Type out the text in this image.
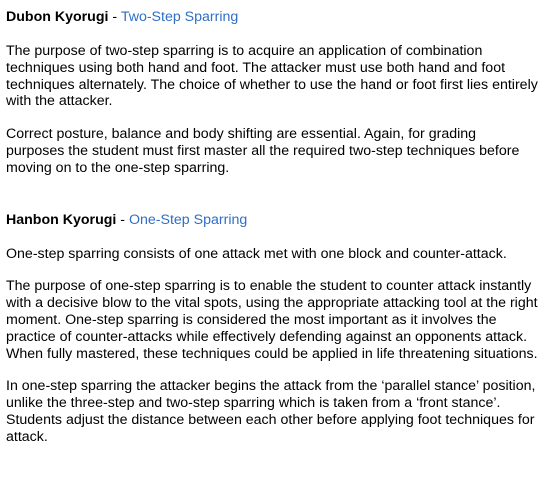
Dubon Kyorugi - Two-Step Sparring

The purpose of two-step sparring is to acquire an application of combination techniques using both hand and foot. The attacker must use both hand and foot techniques alternately. The choice of whether to use the hand or foot first lies entirely with the attacker.

Correct posture, balance and body shifting are essential. Again, for grading purposes the student must first master all the required two-step techniques before moving on to the one-step sparring.

Hanbon Kyorugi - One-Step Sparring

One-step sparring consists of one attack met with one block and counter-attack.

The purpose of one-step sparring is to enable the student to counter attack instantly with a decisive blow to the vital spots, using the appropriate attacking tool at the right moment. One-step sparring is considered the most important as it involves the practice of counter-attacks while effectively defending against an opponents attack. When fully mastered, these techniques could be applied in life threatening situations.

In one-step sparring the attacker begins the attack from the ‘parallel stance’ position, unlike the three-step and two-step sparring which is taken from a ‘front stance’. Students adjust the distance between each other before applying foot techniques for attack.
